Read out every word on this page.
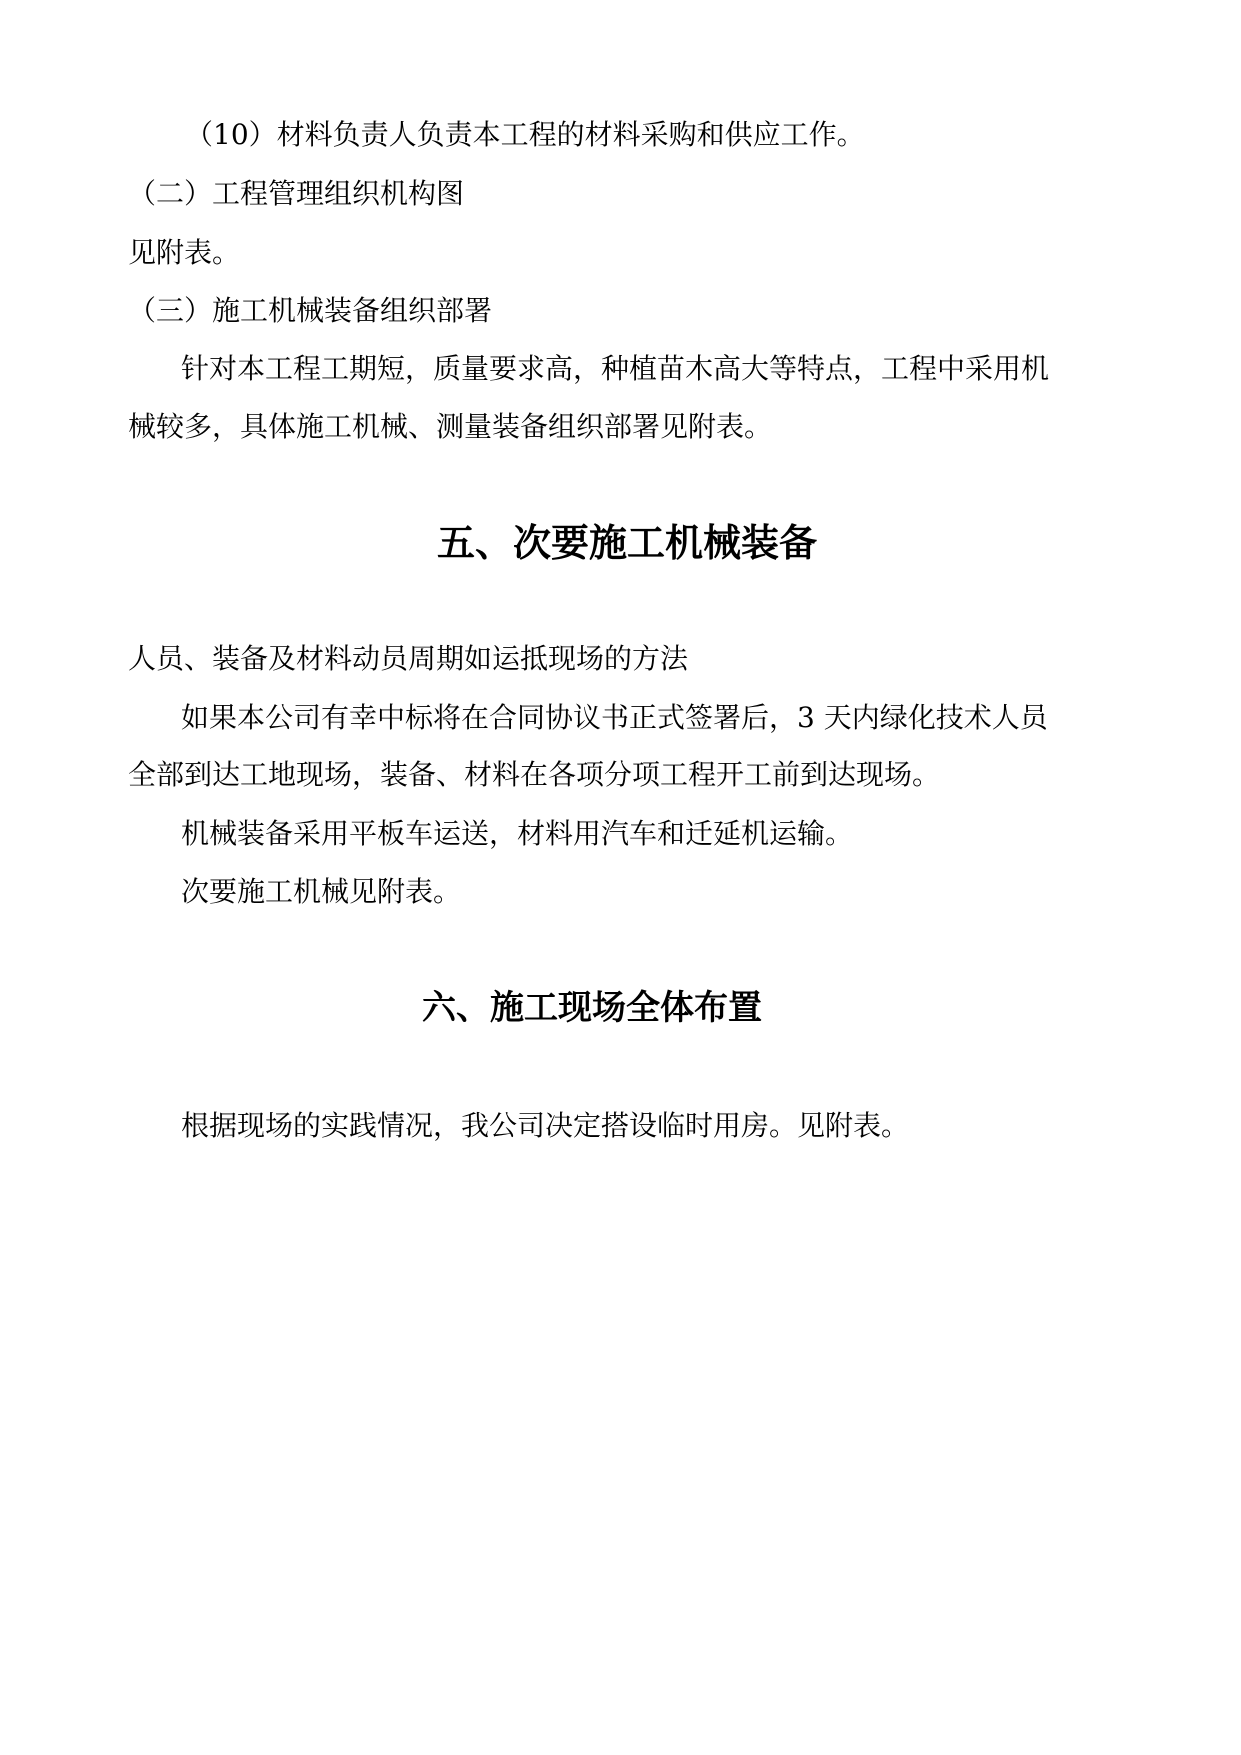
（10）材料负责人负责本工程的材料采购和供应工作。
（二）工程管理组织机构图
见附表。
（三）施工机械装备组织部署
针对本工程工期短，质量要求高，种植苗木高大等特点，工程中采用机
械较多，具体施工机械、测量装备组织部署见附表。
五、次要施工机械装备
人员、装备及材料动员周期如运抵现场的方法
如果本公司有幸中标将在合同协议书正式签署后，3 天内绿化技术人员
全部到达工地现场，装备、材料在各项分项工程开工前到达现场。
机械装备采用平板车运送，材料用汽车和迁延机运输。
次要施工机械见附表。
六、施工现场全体布置
根据现场的实践情况，我公司决定搭设临时用房。见附表。
